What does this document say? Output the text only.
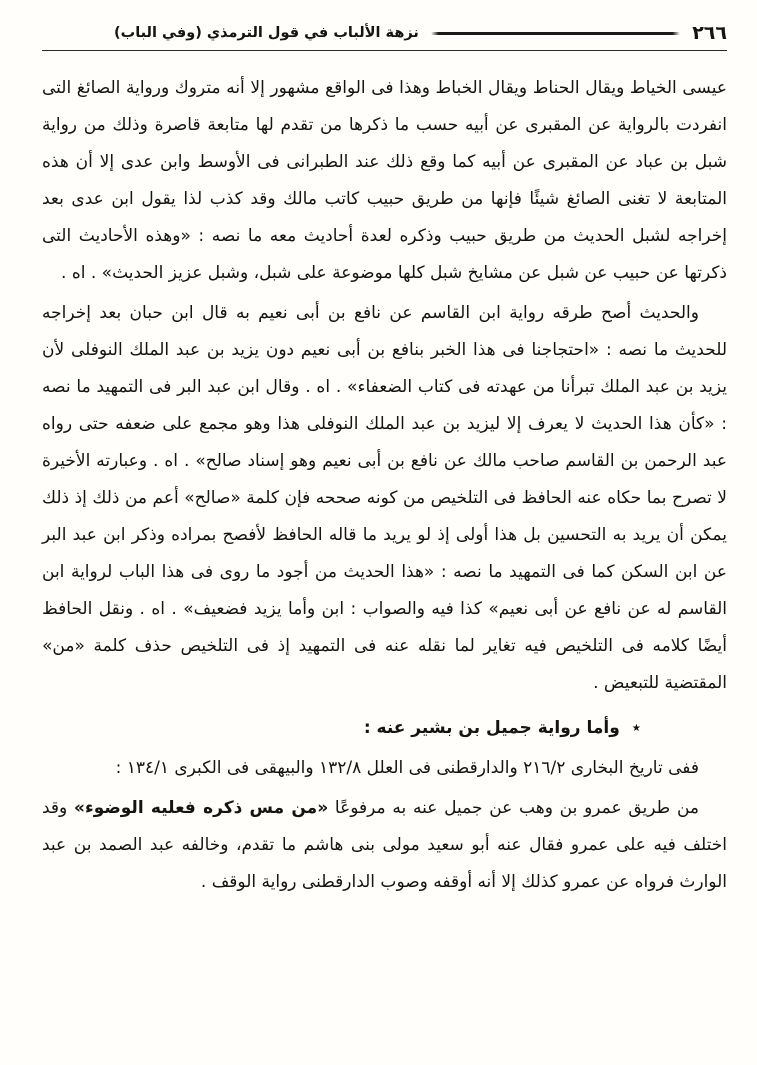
٢٦٦
نزهة الألباب في قول الترمذي (وفي الباب)

عيسى الخياط ويقال الحناط ويقال الخباط وهذا فى الواقع مشهور إلا أنه متروك ورواية الصائغ التى انفردت بالرواية عن المقبرى عن أبيه حسب ما ذكرها من تقدم لها متابعة قاصرة وذلك من رواية شبل بن عباد عن المقبرى عن أبيه كما وقع ذلك عند الطبرانى فى الأوسط وابن عدى إلا أن هذه المتابعة لا تغنى الصائغ شيئًا فإنها من طريق حبيب كاتب مالك وقد كذب لذا يقول ابن عدى بعد إخراجه لشبل الحديث من طريق حبيب وذكره لعدة أحاديث معه ما نصه : «وهذه الأحاديث التى ذكرتها عن حبيب عن شبل عن مشايخ شبل كلها موضوعة على شبل، وشبل عزيز الحديث» . اه .

والحديث أصح طرقه رواية ابن القاسم عن نافع بن أبى نعيم به قال ابن حبان بعد إخراجه للحديث ما نصه : «احتجاجنا فى هذا الخبر بنافع بن أبى نعيم دون يزيد بن عبد الملك النوفلى لأن يزيد بن عبد الملك تبرأنا من عهدته فى كتاب الضعفاء» . اه . وقال ابن عبد البر فى التمهيد ما نصه : «كأن هذا الحديث لا يعرف إلا ليزيد بن عبد الملك النوفلى هذا وهو مجمع على ضعفه حتى رواه عبد الرحمن بن القاسم صاحب مالك عن نافع بن أبى نعيم وهو إسناد صالح» . اه . وعبارته الأخيرة لا تصرح بما حكاه عنه الحافظ فى التلخيص من كونه صححه فإن كلمة «صالح» أعم من ذلك إذ ذلك يمكن أن يريد به التحسين بل هذا أولى إذ لو يريد ما قاله الحافظ لأفصح بمراده وذكر ابن عبد البر عن ابن السكن كما فى التمهيد ما نصه : «هذا الحديث من أجود ما روى فى هذا الباب لرواية ابن القاسم له عن نافع عن أبى نعيم» كذا فيه والصواب : ابن وأما يزيد فضعيف» . اه . ونقل الحافظ أيضًا كلامه فى التلخيص فيه تغاير لما نقله عنه فى التمهيد إذ فى التلخيص حذف كلمة «من» المقتضية للتبعيض .

٭ وأما رواية جميل بن بشير عنه :

ففى تاريخ البخارى ٢١٦/٢ والدارقطنى فى العلل ١٣٢/٨ والبيهقى فى الكبرى ١٣٤/١ :

من طريق عمرو بن وهب عن جميل عنه به مرفوعًا «من مس ذكره فعليه الوضوء» وقد اختلف فيه على عمرو فقال عنه أبو سعيد مولى بنى هاشم ما تقدم، وخالفه عبد الصمد بن عبد الوارث فرواه عن عمرو كذلك إلا أنه أوقفه وصوب الدارقطنى رواية الوقف .
